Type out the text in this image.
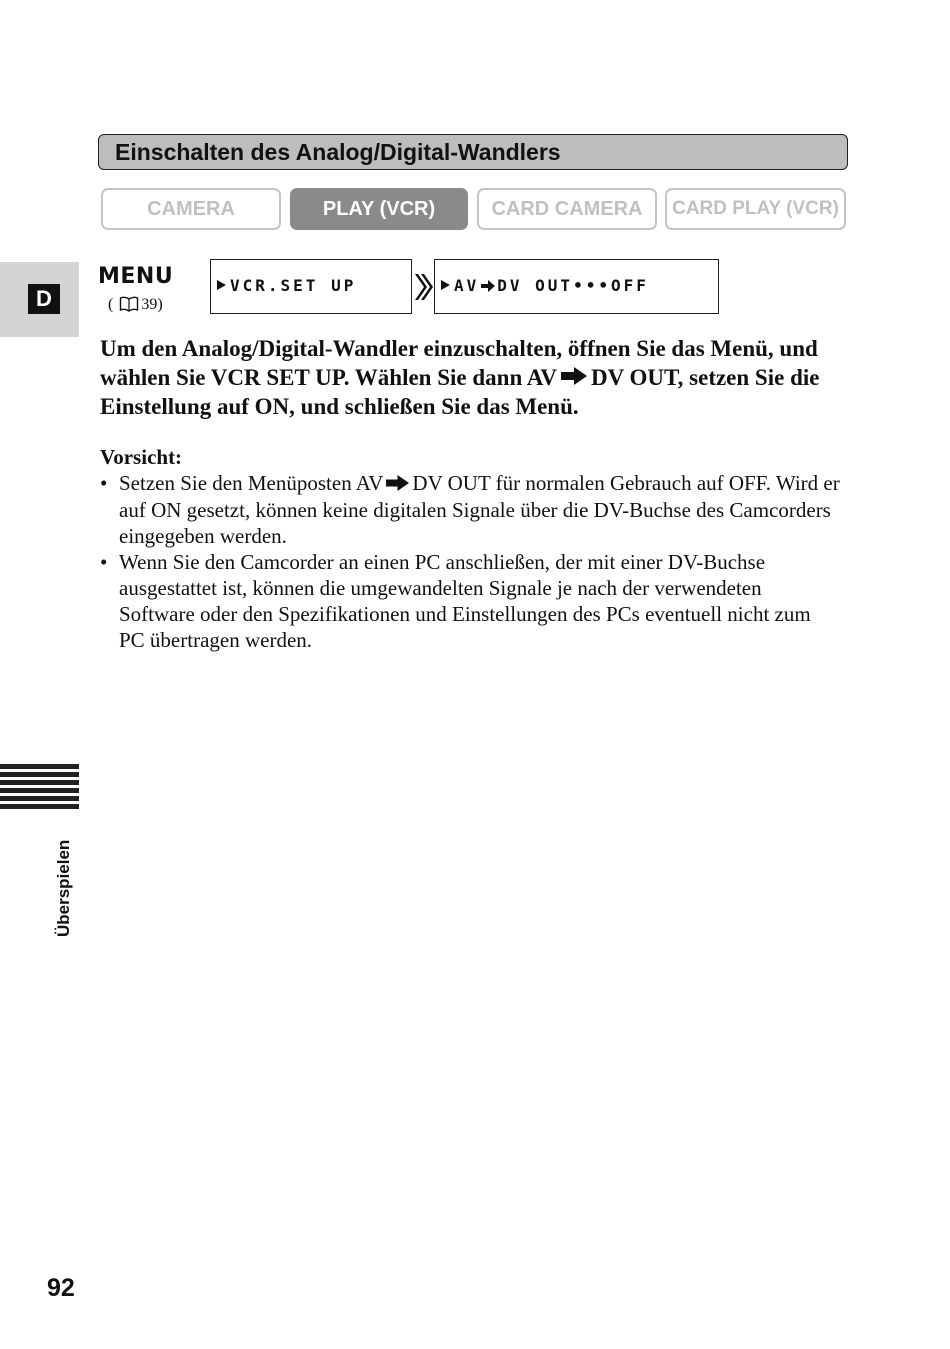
Einschalten des Analog/Digital-Wandlers
CAMERA	PLAY (VCR)	CARD CAMERA	CARD PLAY (VCR)
D
MENU
( 39)
VCR.SET UP	AV DV OUT•••OFF

Um den Analog/Digital-Wandler einzuschalten, öffnen Sie das Menü, und wählen Sie VCR SET UP. Wählen Sie dann AV DV OUT, setzen Sie die Einstellung auf ON, und schließen Sie das Menü.

Vorsicht:
• Setzen Sie den Menüposten AV DV OUT für normalen Gebrauch auf OFF. Wird er auf ON gesetzt, können keine digitalen Signale über die DV-Buchse des Camcorders eingegeben werden.
• Wenn Sie den Camcorder an einen PC anschließen, der mit einer DV-Buchse ausgestattet ist, können die umgewandelten Signale je nach der verwendeten Software oder den Spezifikationen und Einstellungen des PCs eventuell nicht zum PC übertragen werden.
Überspielen
92
